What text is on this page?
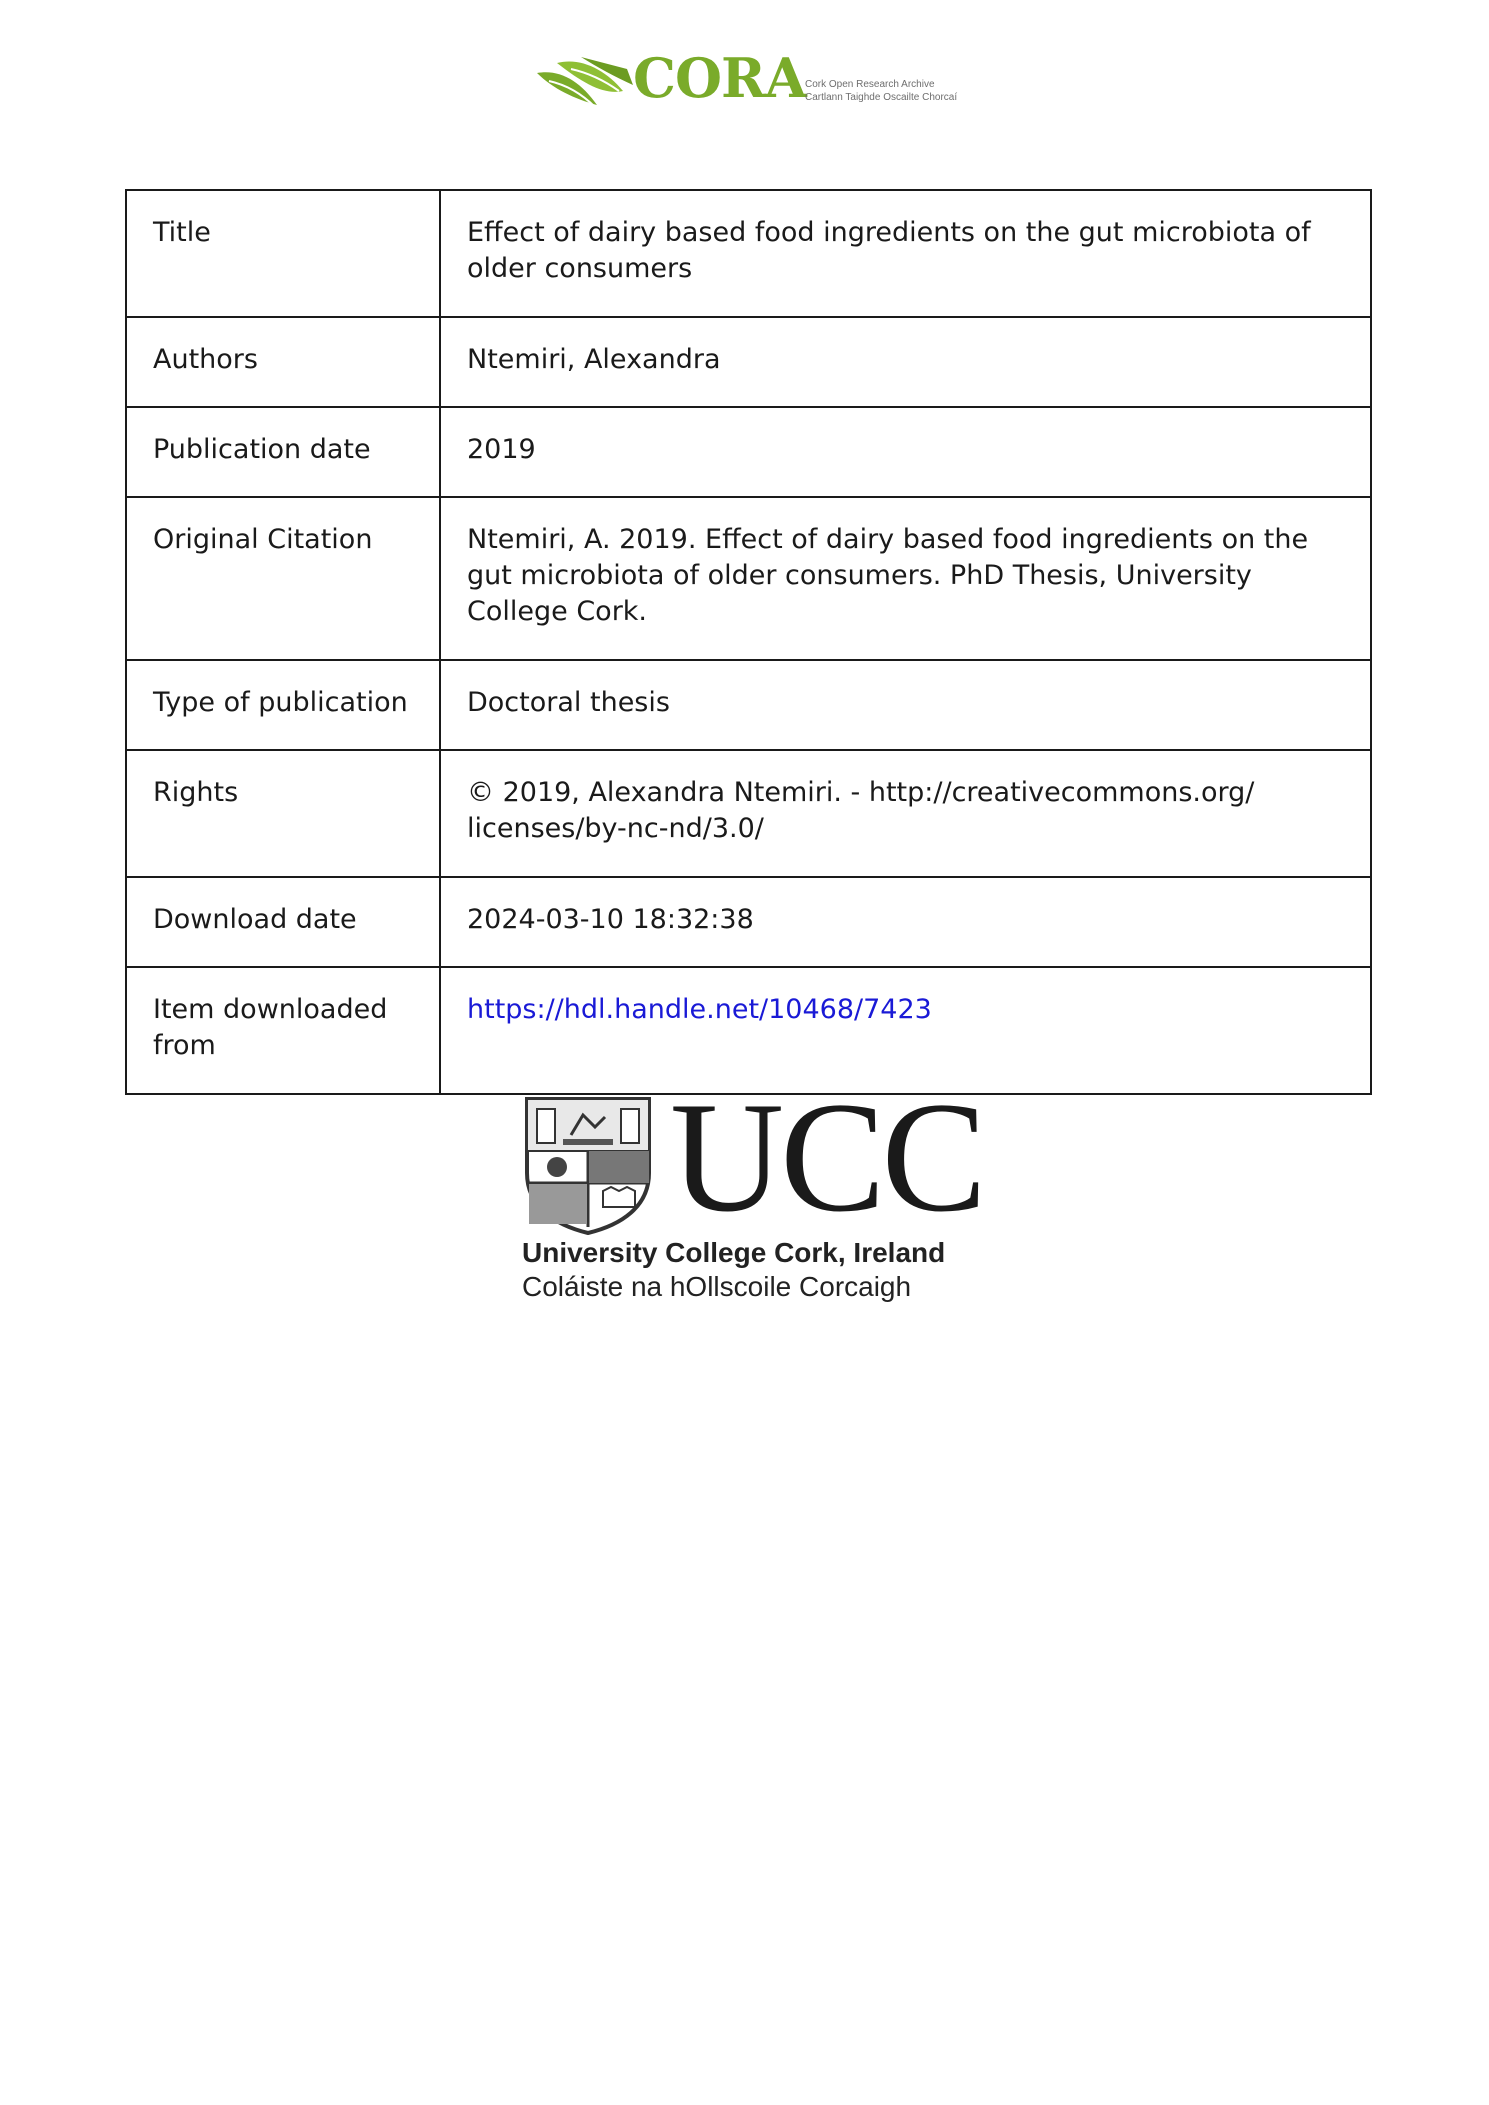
CORA Cork Open Research Archive
Cartlann Taighde Oscailte Chorcaí
Title	Effect of dairy based food ingredients on the gut microbiota of older consumers
Authors	Ntemiri, Alexandra
Publication date	2019
Original Citation	Ntemiri, A. 2019. Effect of dairy based food ingredients on the gut microbiota of older consumers. PhD Thesis, University College Cork.
Type of publication	Doctoral thesis
Rights	© 2019, Alexandra Ntemiri. - http://creativecommons.org/ licenses/by-nc-nd/3.0/
Download date	2024-03-10 18:32:38
Item downloaded from	https://hdl.handle.net/10468/7423
UCC
University College Cork, Ireland
Coláiste na hOllscoile Corcaigh
